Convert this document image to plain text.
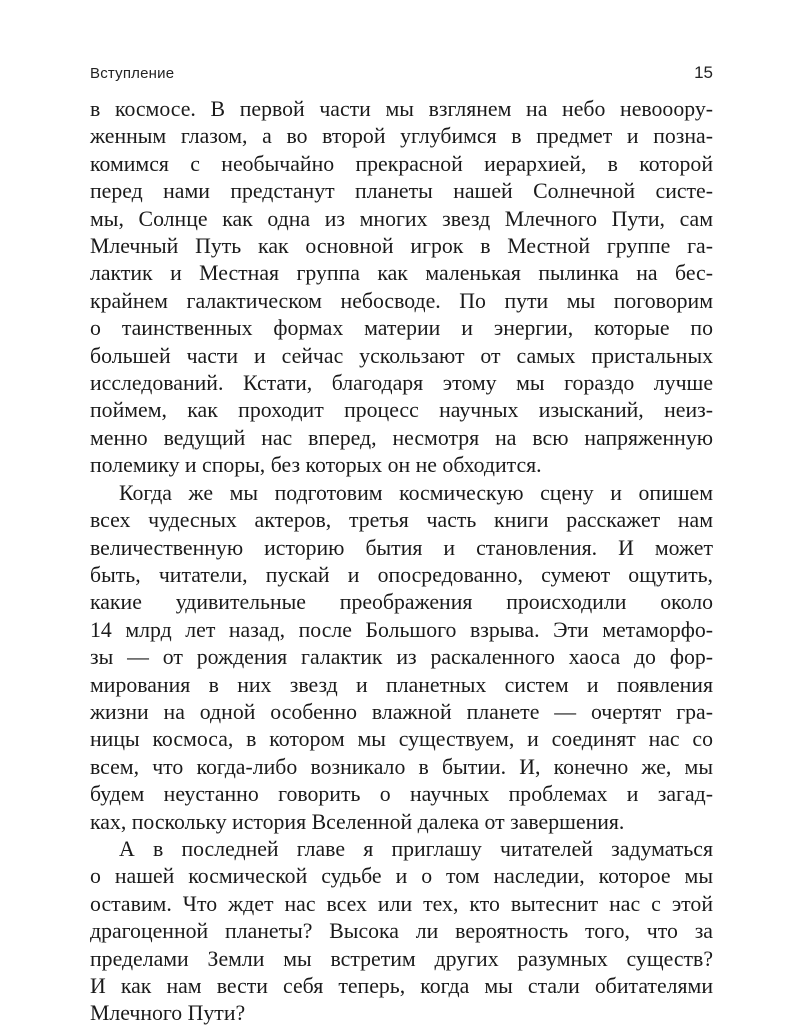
Вступление	15
в космосе. В первой части мы взглянем на небо невооору-
женным глазом, а во второй углубимся в предмет и позна-
комимся с необычайно прекрасной иерархией, в которой
перед нами предстанут планеты нашей Солнечной систе-
мы, Солнце как одна из многих звезд Млечного Пути, сам
Млечный Путь как основной игрок в Местной группе га-
лактик и Местная группа как маленькая пылинка на бес-
крайнем галактическом небосводе. По пути мы поговорим
о таинственных формах материи и энергии, которые по
большей части и сейчас ускользают от самых пристальных
исследований. Кстати, благодаря этому мы гораздо лучше
поймем, как проходит процесс научных изысканий, неиз-
менно ведущий нас вперед, несмотря на всю напряженную
полемику и споры, без которых он не обходится.
Когда же мы подготовим космическую сцену и опишем
всех чудесных актеров, третья часть книги расскажет нам
величественную историю бытия и становления. И может
быть, читатели, пускай и опосредованно, сумеют ощутить,
какие удивительные преображения происходили около
14 млрд лет назад, после Большого взрыва. Эти метаморфо-
зы — от рождения галактик из раскаленного хаоса до фор-
мирования в них звезд и планетных систем и появления
жизни на одной особенно влажной планете — очертят гра-
ницы космоса, в котором мы существуем, и соединят нас со
всем, что когда-либо возникало в бытии. И, конечно же, мы
будем неустанно говорить о научных проблемах и загад-
ках, поскольку история Вселенной далека от завершения.
А в последней главе я приглашу читателей задуматься
о нашей космической судьбе и о том наследии, которое мы
оставим. Что ждет нас всех или тех, кто вытеснит нас с этой
драгоценной планеты? Высока ли вероятность того, что за
пределами Земли мы встретим других разумных существ?
И как нам вести себя теперь, когда мы стали обитателями
Млечного Пути?
